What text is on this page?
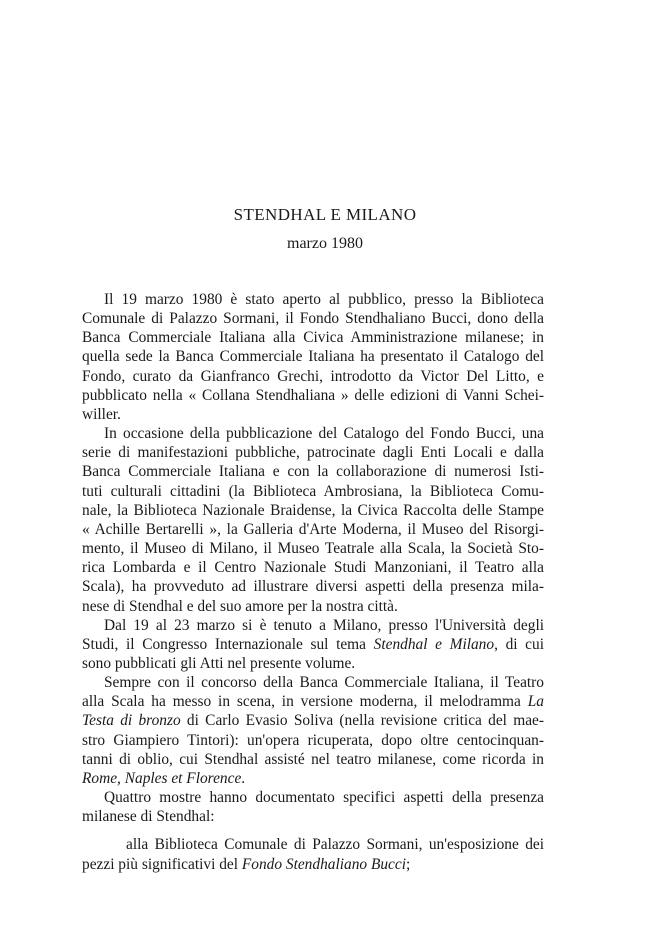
STENDHAL E MILANO
marzo 1980
Il 19 marzo 1980 è stato aperto al pubblico, presso la Biblioteca
Comunale di Palazzo Sormani, il Fondo Stendhaliano Bucci, dono della
Banca Commerciale Italiana alla Civica Amministrazione milanese; in
quella sede la Banca Commerciale Italiana ha presentato il Catalogo del
Fondo, curato da Gianfranco Grechi, introdotto da Victor Del Litto, e
pubblicato nella « Collana Stendhaliana » delle edizioni di Vanni Schei-
willer.
In occasione della pubblicazione del Catalogo del Fondo Bucci, una
serie di manifestazioni pubbliche, patrocinate dagli Enti Locali e dalla
Banca Commerciale Italiana e con la collaborazione di numerosi Isti-
tuti culturali cittadini (la Biblioteca Ambrosiana, la Biblioteca Comu-
nale, la Biblioteca Nazionale Braidense, la Civica Raccolta delle Stampe
« Achille Bertarelli », la Galleria d'Arte Moderna, il Museo del Risorgi-
mento, il Museo di Milano, il Museo Teatrale alla Scala, la Società Sto-
rica Lombarda e il Centro Nazionale Studi Manzoniani, il Teatro alla
Scala), ha provveduto ad illustrare diversi aspetti della presenza mila-
nese di Stendhal e del suo amore per la nostra città.
Dal 19 al 23 marzo si è tenuto a Milano, presso l'Università degli
Studi, il Congresso Internazionale sul tema Stendhal e Milano, di cui
sono pubblicati gli Atti nel presente volume.
Sempre con il concorso della Banca Commerciale Italiana, il Teatro
alla Scala ha messo in scena, in versione moderna, il melodramma La
Testa di bronzo di Carlo Evasio Soliva (nella revisione critica del mae-
stro Giampiero Tintori): un'opera ricuperata, dopo oltre centocinquan-
tanni di oblio, cui Stendhal assisté nel teatro milanese, come ricorda in
Rome, Naples et Florence.
Quattro mostre hanno documentato specifici aspetti della presenza
milanese di Stendhal:
alla Biblioteca Comunale di Palazzo Sormani, un'esposizione dei
pezzi più significativi del Fondo Stendhaliano Bucci;
